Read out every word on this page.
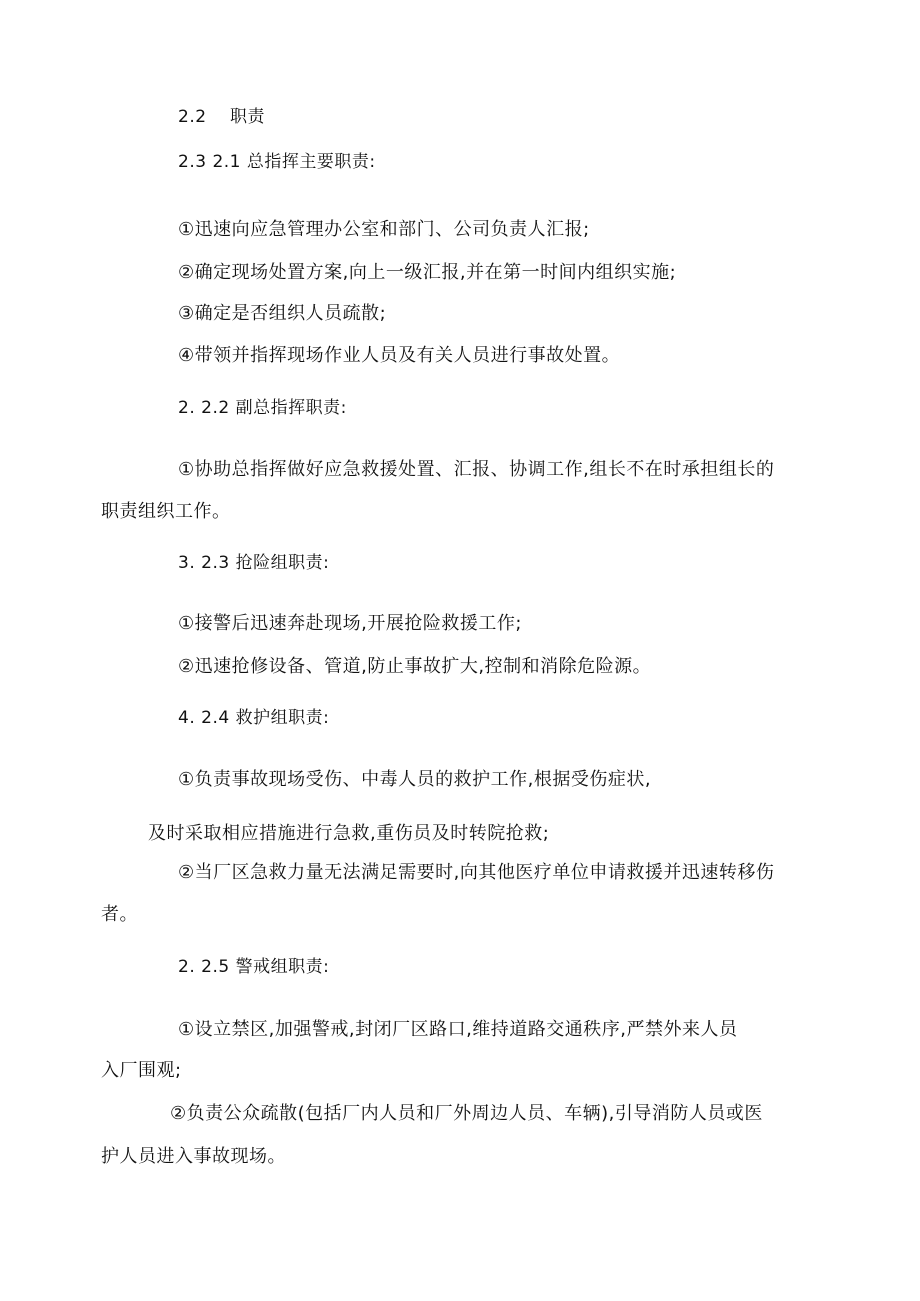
2.2　 职责
2.3 2.1 总指挥主要职责:
①迅速向应急管理办公室和部门、公司负责人汇报;
②确定现场处置方案,向上一级汇报,并在第一时间内组织实施;
③确定是否组织人员疏散;
④带领并指挥现场作业人员及有关人员进行事故处置。
2. 2.2 副总指挥职责:
①协助总指挥做好应急救援处置、汇报、协调工作,组长不在时承担组长的
职责组织工作。
3. 2.3 抢险组职责:
①接警后迅速奔赴现场,开展抢险救援工作;
②迅速抢修设备、管道,防止事故扩大,控制和消除危险源。
4. 2.4 救护组职责:
①负责事故现场受伤、中毒人员的救护工作,根据受伤症状,
及时采取相应措施进行急救,重伤员及时转院抢救;
②当厂区急救力量无法满足需要时,向其他医疗单位申请救援并迅速转移伤
者。
2. 2.5 警戒组职责:
①设立禁区,加强警戒,封闭厂区路口,维持道路交通秩序,严禁外来人员
入厂围观;
②负责公众疏散(包括厂内人员和厂外周边人员、车辆),引导消防人员或医
护人员进入事故现场。
